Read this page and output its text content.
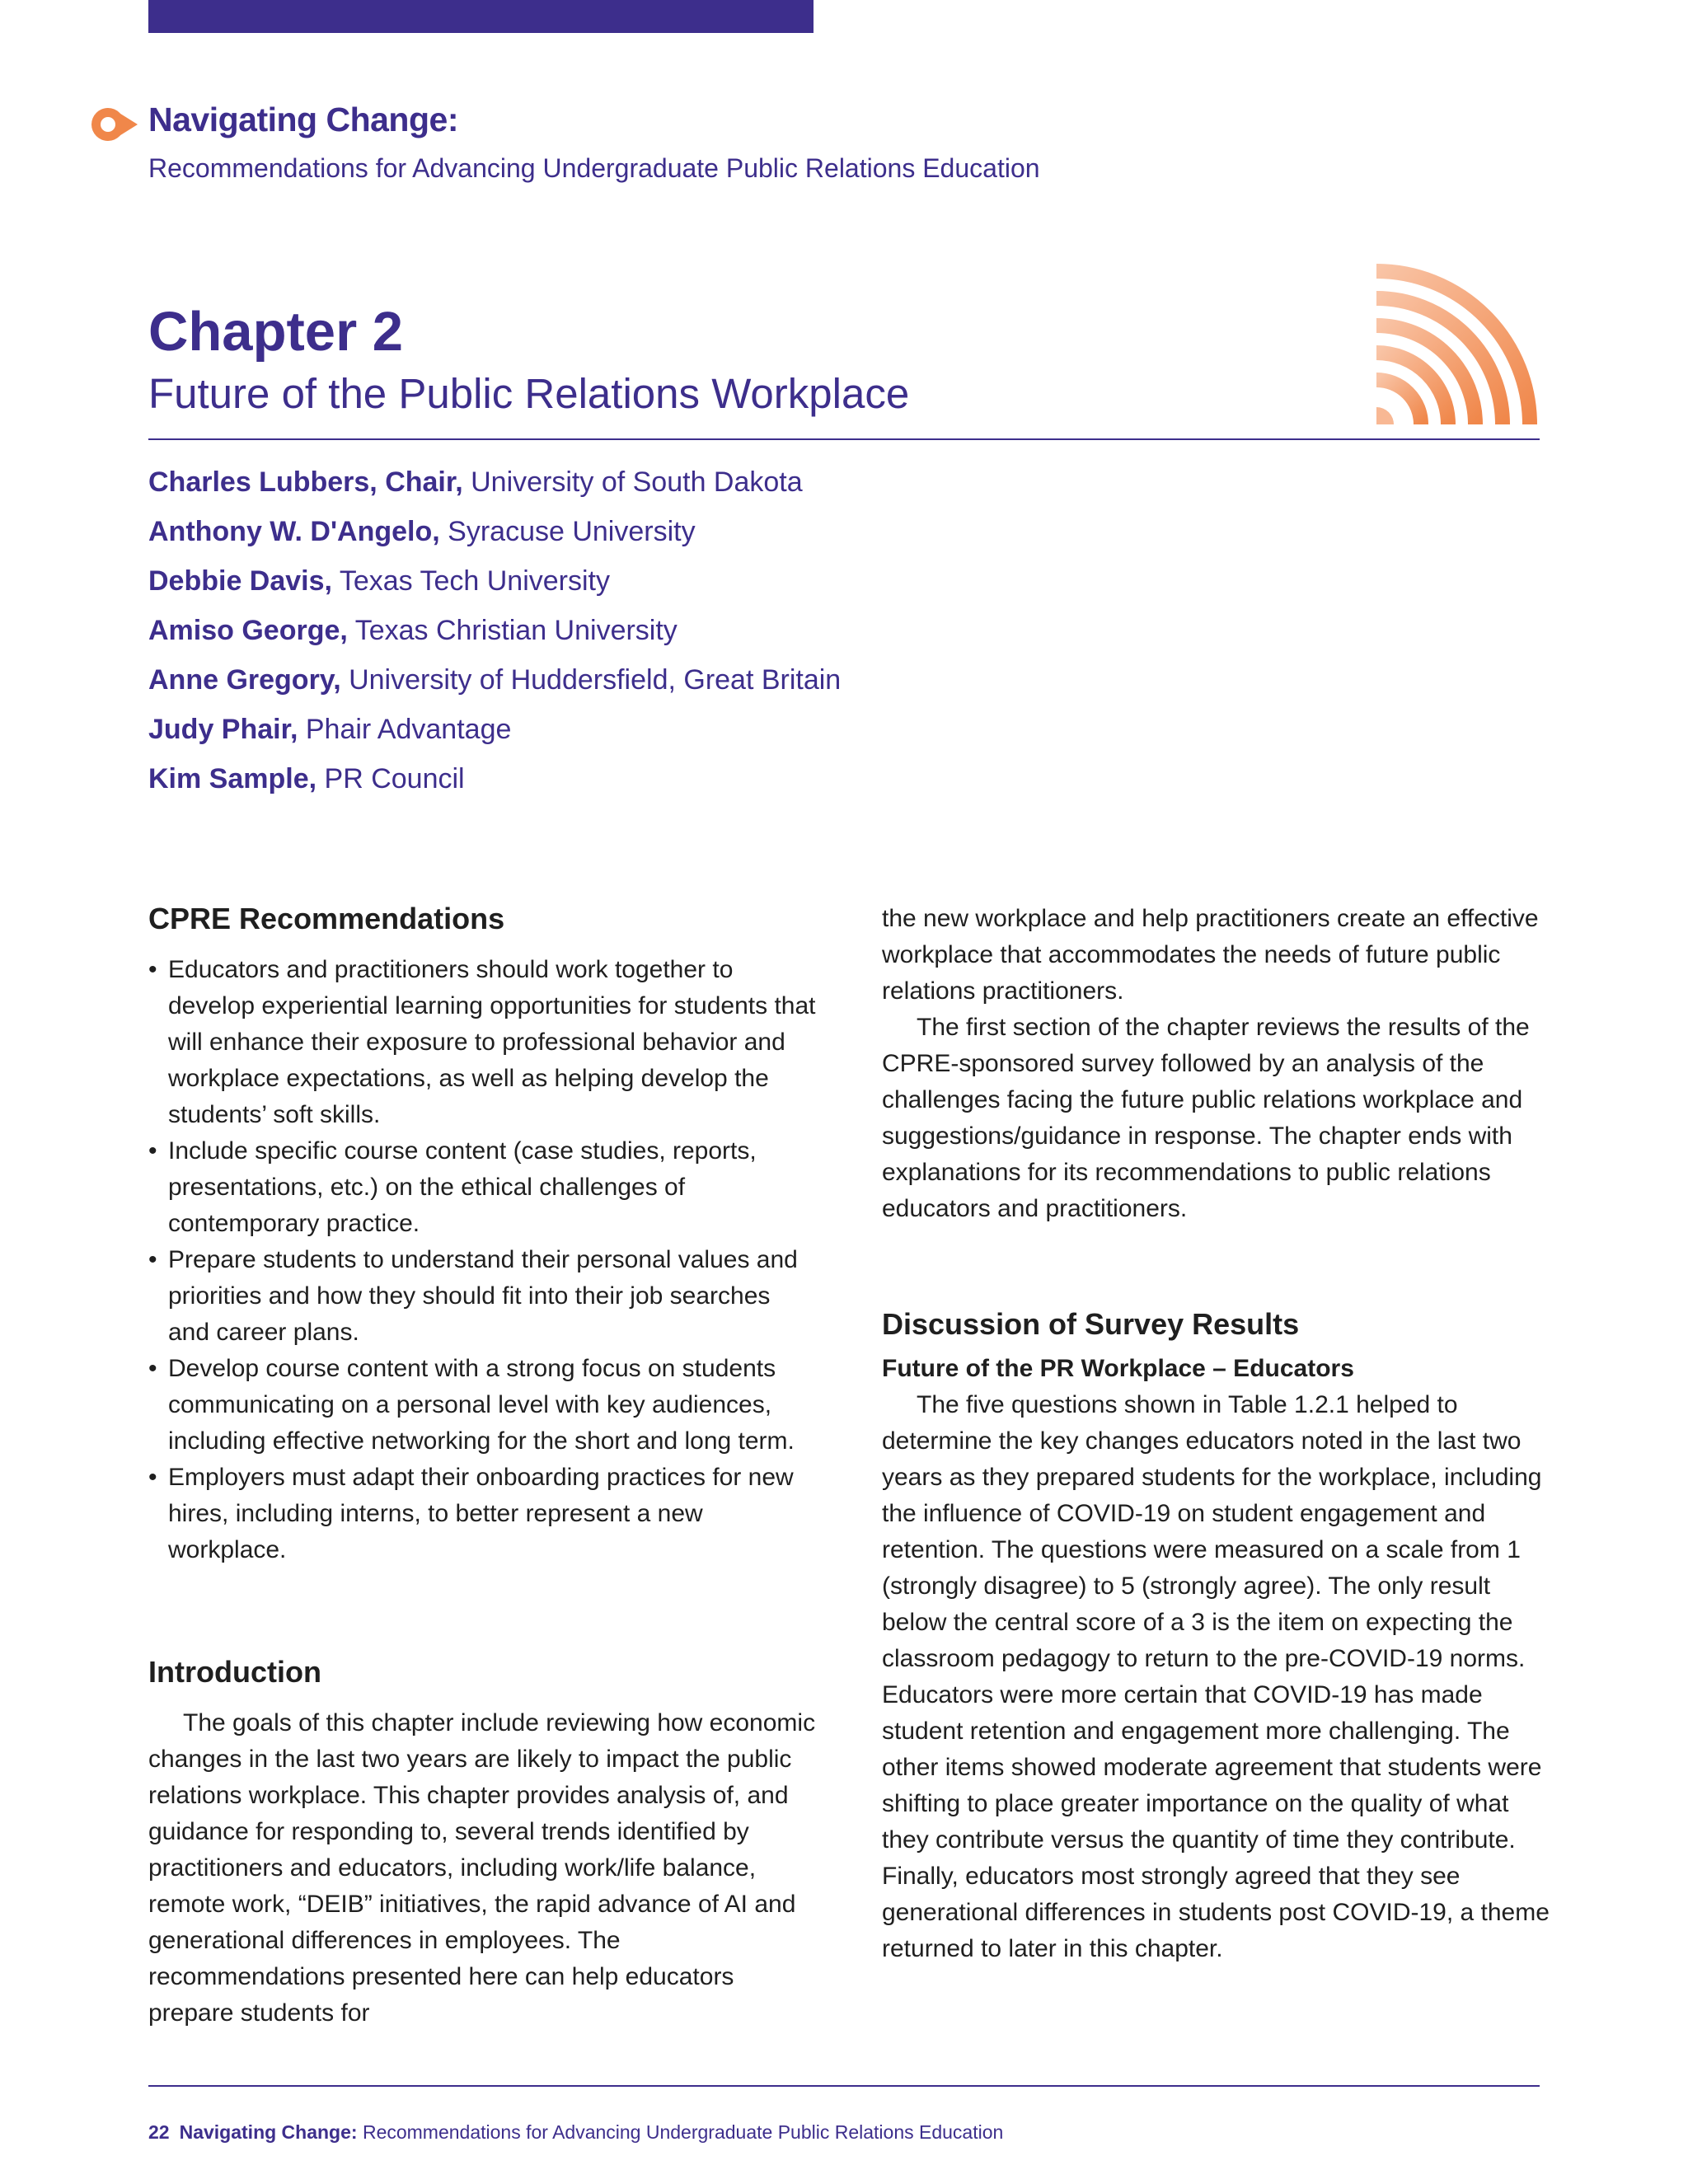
Navigating Change:
Recommendations for Advancing Undergraduate Public Relations Education
Chapter 2
Future of the Public Relations Workplace
Charles Lubbers, Chair, University of South Dakota
Anthony W. D'Angelo, Syracuse University
Debbie Davis, Texas Tech University
Amiso George, Texas Christian University
Anne Gregory, University of Huddersfield, Great Britain
Judy Phair, Phair Advantage
Kim Sample, PR Council
CPRE Recommendations
• Educators and practitioners should work together to develop experiential learning opportunities for students that will enhance their exposure to professional behavior and workplace expectations, as well as helping develop the students’ soft skills.
• Include specific course content (case studies, reports, presentations, etc.) on the ethical challenges of contemporary practice.
• Prepare students to understand their personal values and priorities and how they should fit into their job searches and career plans.
• Develop course content with a strong focus on students communicating on a personal level with key audiences, including effective networking for the short and long term.
• Employers must adapt their onboarding practices for new hires, including interns, to better represent a new workplace.
Introduction

The goals of this chapter include reviewing how economic changes in the last two years are likely to impact the public relations workplace. This chapter provides analysis of, and guidance for responding to, several trends identified by practitioners and educators, including work/life balance, remote work, “DEIB” initiatives, the rapid advance of AI and generational differences in employees. The recommendations presented here can help educators prepare students for

the new workplace and help practitioners create an effective workplace that accommodates the needs of future public relations practitioners.

The first section of the chapter reviews the results of the CPRE-sponsored survey followed by an analysis of the challenges facing the future public relations workplace and suggestions/guidance in response. The chapter ends with explanations for its recommendations to public relations educators and practitioners.

Discussion of Survey Results
Future of the PR Workplace – Educators

The five questions shown in Table 1.2.1 helped to determine the key changes educators noted in the last two years as they prepared students for the workplace, including the influence of COVID-19 on student engagement and retention. The questions were measured on a scale from 1 (strongly disagree) to 5 (strongly agree). The only result below the central score of a 3 is the item on expecting the classroom pedagogy to return to the pre-COVID-19 norms. Educators were more certain that COVID-19 has made student retention and engagement more challenging. The other items showed moderate agreement that students were shifting to place greater importance on the quality of what they contribute versus the quantity of time they contribute. Finally, educators most strongly agreed that they see generational differences in students post COVID-19, a theme returned to later in this chapter.

22 Navigating Change: Recommendations for Advancing Undergraduate Public Relations Education
